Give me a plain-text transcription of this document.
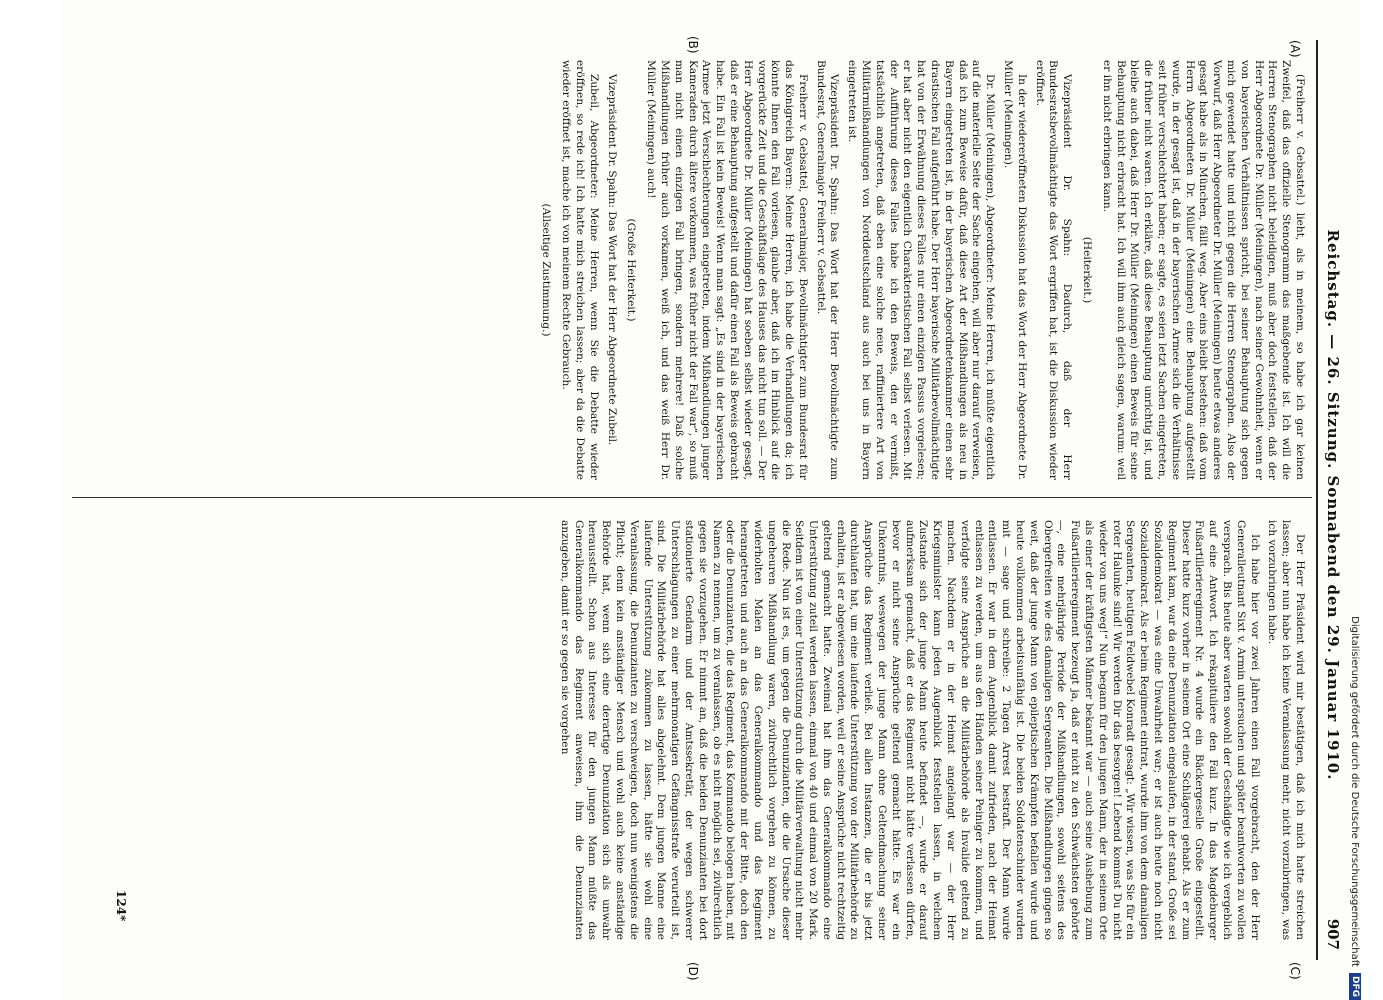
Reichstag. — 26. Sitzung. Sonnabend den 29. Januar 1910.
907
(A)
(B)
(C)
(D)

(Freiherr v. Gebsattel.) lieht, als in meinem, so habe ich gar keinen Zweifel, daß das offizielle Stenogramm das maßgebende ist. Ich will die Herren Stenographen nicht beleidigen, muß aber doch feststellen, daß der Herr Abgeordnete Dr. Müller (Meiningen), nach seiner Gewohnheit, wenn er von bayerischen Verhältnissen spricht, bei seiner Behauptung sich gegen mich gewendet hatte und nicht gegen die Herren Stenographen. Also der Vorwurf, daß Herr Abgeordneter Dr. Müller (Meiningen) heute etwas anderes gesagt habe als in München, fällt weg. Aber eins bleibt bestehen: daß vom Herrn Abgeordneten Dr. Müller (Meiningen) eine Behauptung aufgestellt wurde, in der gesagt ist, daß in der bayerischen Armee sich die Verhältnisse seit früher verschlechtert haben; er sagte, es seien letzt Sachen eingetreten, die früher nicht waren. Ich erkläre, daß diese Behauptung unrichtig ist, und bleibe auch dabei, daß Herr Dr. Müller (Meiningen) einen Beweis für seine Behauptung nicht erbracht hat. Ich will ihm auch gleich sagen, warum: weil er ihn nicht erbringen kann.

(Heiterkeit.)

Vizepräsident Dr. Spahn: Dadurch, daß der Herr Bundesratsbevollmächtigte das Wort ergriffen hat, ist die Diskussion wieder eröffnet.

In der wiedereröffneten Diskussion hat das Wort der Herr Abgeordnete Dr. Müller (Meiningen).

Dr. Müller (Meiningen), Abgeordneter: Meine Herren, ich müßte eigentlich auf die materielle Seite der Sache eingehen, will aber nur darauf verweisen, daß ich zum Beweise dafür, daß diese Art der Mißhandlungen als neu in Bayern eingetreten ist, in der bayerischen Abgeordnetenkammer einen sehr drastischen Fall aufgeführt habe. Der Herr bayerische Militärbevollmächtigte hat von der Erwähnung dieses Falles nur einen einzigen Passus vorgelesen; er hat aber nicht den eigentlich Charakteristischen Fall selbst verlesen. Mit der Aufführung dieses Falles habe ich den Beweis, den er vermißt, tatsächlich angetreten, daß eben eine solche neue, raffiniertere Art von Militärmißhandlungen von Norddeutschland aus auch bei uns in Bayern eingetreten ist.

Vizepräsident Dr. Spahn: Das Wort hat der Herr Bevollmächtigte zum Bundesrat, Generalmajor Freiherr v. Gebsattel.

Freiherr v. Gebsattel, Generalmajor, Bevollmächtigter zum Bundesrat für das Königreich Bayern: Meine Herren, ich habe die Verhandlungen da; ich könnte Ihnen den Fall vorlesen, glaube aber, daß ich im Hinblick auf die vorgerückte Zeit und die Geschäftslage des Hauses das nicht tun soll. — Der Herr Abgeordnete Dr. Müller (Meiningen) hat soeben selbst wieder gesagt, daß er eine Behauptung aufgestellt und dafür einen Fall als Beweis gebracht habe. Ein Fall ist kein Beweis! Wenn man sagt: „Es sind in der bayerischen Armee jetzt Verschlechterungen eingetreten, indem Mißhandlungen junger Kameraden durch ältere vorkommen, was früher nicht der Fall war“, so muß man nicht einen einzigen Fall bringen, sondern mehrere! Daß solche Mißhandlungen früher auch vorkamen, weiß ich, und das weiß Herr Dr. Müller (Meiningen) auch!

(Große Heiterkeit.)

Vizepräsident Dr. Spahn: Das Wort hat der Herr Abgeordnete Zubeil.

Zubeil, Abgeordneter: Meine Herren, wenn Sie die Debatte wieder eröffnen, so rede ich! Ich hatte mich streichen lassen; aber da die Debatte wieder eröffnet ist, mache ich von meinem Rechte Gebrauch.

(Allseitige Zustimmung.)

Der Herr Präsident wird mir bestätigen, daß ich mich hatte streichen lassen; aber nun habe ich keine Veranlassung mehr, nicht vorzubringen, was ich vorzubringen habe.

Ich habe hier vor zwei Jahren einen Fall vorgebracht, den der Herr Generalleutnant Sixt v. Armin untersuchen und später beantworten zu wollen versprach. Bis heute aber warten sowohl der Geschädigte wie ich vergeblich auf eine Antwort. Ich rekapituliere den Fall kurz. In das Magdeburger Fußartillerieregiment Nr. 4 wurde ein Bäckergeselle Große eingestellt. Dieser hatte kurz vorher in seinem Ort eine Schlägerei gehabt. Als er zum Regiment kam, war da eine Denunziation eingelaufen, in der stand, Große sei Sozialdemokrat — was eine Unwahrheit war; er ist auch heute noch nicht Sozialdemokrat. Als er beim Regiment eintrat, wurde ihm von dem damaligen Sergeanten, heutigen Feldwebel Konradt gesagt: „Wir wissen, was Sie für ein roter Halunke sind! Wir werden Dir das besorgen! Lebend kommst Du nicht wieder von uns weg!“ Nun begann für den jungen Mann, der in seinem Orte als einer der kräftigsten Männer bekannt war — auch seine Aushebung zum Fußartillerieregiment bezeugt ja, daß er nicht zu den Schwächsten gehörte —, eine mehrjährige Periode der Mißhandlungen, sowohl seitens des Obergefreiten wie des damaligen Sergeanten. Die Mißhandlungen gingen so weit, daß der junge Mann von epileptischen Krämpfen befallen wurde und heute vollkommen arbeitsunfähig ist. Die beiden Soldatenschinder wurden mit — sage und schreibe: 2 Tagen Arrest bestraft. Der Mann wurde entlassen. Er war in dem Augenblick damit zufrieden, nach der Heimat entlassen zu werden, um aus den Händen seiner Peiniger zu kommen, und verfolgte seine Ansprüche an die Militärbehörde als Invalide geltend zu machen. Nachdem er in der Heimat angelangt war — der Herr Kriegsminister kann jeden Augenblick feststellen lassen, in welchem Zustande sich der junge Mann heute befindet —, wurde er darauf aufmerksam gemacht, daß er das Regiment nicht hätte verlassen dürfen, bevor er nicht seine Ansprüche geltend gemacht hätte. Es war ein Unkenntnis, weswegen der junge Mann ohne Geltendmachung seiner Ansprüche das Regiment verließ. Bei allen Instanzen, die er bis jetzt durchlaufen hat, um eine laufende Unterstützung von der Militärbehörde zu erhalten, ist er abgewiesen worden, weil er seine Ansprüche nicht rechtzeitig geltend gemacht hatte. Zweimal hat ihm das Generalkommando eine Unterstützung zuteil werden lassen, einmal von 40 und einmal von 20 Mark. Seitdem ist von einer Unterstützung durch die Militärverwaltung nicht mehr die Rede. Nun ist es, um gegen die Denunzianten, die die Ursache dieser ungeheuren Mißhandlung waren, zivilrechtlich vorgehen zu können, zu widerholten Malen an das Generalkommando und das Regiment herangetreten und auch an das Generalkommando mit der Bitte, doch den oder die Denunzianten, die das Regiment, das Kommando belogen haben, mit Namen zu nennen, um zu veranlassen, ob es nicht möglich sei, zivilrechtlich gegen sie vorzugehen. Er nimmt an, daß die beiden Denunzianten bei dort stationierte Gendarm und der Amtssekretär, der wegen schwerer Unterschlagungen zu einer mehrmonatigen Gefängnisstrafe verurteilt ist, sind. Die Militärbehörde hat alles abgelehnt. Dem jungen Manne eine laufende Unterstützung zukommen zu lassen, hätte sie wohl eine Veranlassung, die Denunzianten zu verschweigen, doch nun wenigstens die Pflicht; denn kein anständiger Mensch und wohl auch keine anständige Behörde hat, wenn sich eine derartige Denunziation sich als unwahr herausstellt. Schon aus Interesse für den jungen Mann müßte das Generalkommando das Regiment anweisen, ihm die Denunzianten anzugeben, damit er so gegen sie vorgehen

124*	Digitalisierung gefördert durch die Deutsche Forschungsgemeinschaft
DFG
